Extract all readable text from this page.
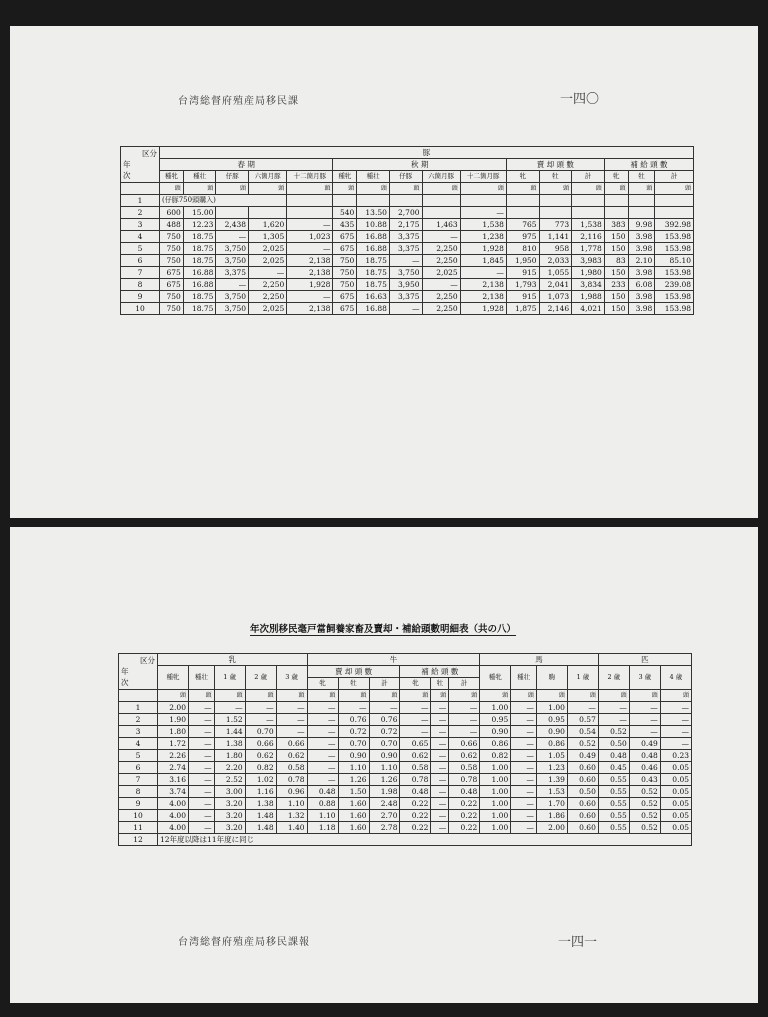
台湾総督府殖産局移民課	一四〇
区分
年
次	豚															
	春 期					秋 期					賣 却 頭 數			補 給 頭 數		
	種牝	種壮	仔豚	六箇月豚	十二箇月豚	種牝	種壮	仔豚	六箇月豚	十二箇月豚	牝	牡	計	牝	牡	計
	頭	頭	頭	頭	頭	頭	頭	頭	頭	頭	頭	頭	頭	頭	頭	頭
1	(仔豚750頭購入)															
2	600	15.00				540	13.50	2,700		—						
3	488	12.23	2,438	1,620	—	435	10.88	2,175	1,463	1,538	765	773	1,538	383	9.98	392.98
4	750	18.75	—	1,305	1,023	675	16.88	3,375	—	1,238	975	1,141	2,116	150	3.98	153.98
5	750	18.75	3,750	2,025	—	675	16.88	3,375	2,250	1,928	810	958	1,778	150	3.98	153.98
6	750	18.75	3,750	2,025	2,138	750	18.75	—	2,250	1,845	1,950	2,033	3,983	83	2.10	85.10
7	675	16.88	3,375	—	2,138	750	18.75	3,750	2,025	—	915	1,055	1,980	150	3.98	153.98
8	675	16.88	—	2,250	1,928	750	18.75	3,950	—	2,138	1,793	2,041	3,834	233	6.08	239.08
9	750	18.75	3,750	2,250	—	675	16.63	3,375	2,250	2,138	915	1,073	1,988	150	3.98	153.98
10	750	18.75	3,750	2,025	2,138	675	16.88	—	2,250	1,928	1,875	2,146	4,021	150	3.98	153.98
年次別移民毫戸當飼養家畜及賣却・補給頭數明細表（共の八）
区分
年
次	乳					牛						馬				匹		
	種牝	種壮	1 歳	2 歳	3 歳	賣 却 頭 數			補 給 頭 數			種牝	種壮	駒	1 歳	2 歳	3 歳	4 歳
						牝	牡	計	牝	牡	計							
	頭	頭	頭	頭	頭	頭	頭	頭	頭	頭	頭	頭	頭	頭	頭	頭	頭	頭
1	2.00	—	—	—	—	—	—	—	—	—	—	1.00	—	1.00	—	—	—	—
2	1.90	—	1.52	—	—	—	0.76	0.76	—	—	—	0.95	—	0.95	0.57	—	—	—
3	1.80	—	1.44	0.70	—	—	0.72	0.72	—	—	—	0.90	—	0.90	0.54	0.52	—	—
4	1.72	—	1.38	0.66	0.66	—	0.70	0.70	0.65	—	0.66	0.86	—	0.86	0.52	0.50	0.49	—
5	2.26	—	1.80	0.62	0.62	—	0.90	0.90	0.62	—	0.62	0.82	—	1.05	0.49	0.48	0.48	0.23
6	2.74	—	2.20	0.82	0.58	—	1.10	1.10	0.58	—	0.58	1.00	—	1.23	0.60	0.45	0.46	0.05
7	3.16	—	2.52	1.02	0.78	—	1.26	1.26	0.78	—	0.78	1.00	—	1.39	0.60	0.55	0.43	0.05
8	3.74	—	3.00	1.16	0.96	0.48	1.50	1.98	0.48	—	0.48	1.00	—	1.53	0.50	0.55	0.52	0.05
9	4.00	—	3.20	1.38	1.10	0.88	1.60	2.48	0.22	—	0.22	1.00	—	1.70	0.60	0.55	0.52	0.05
10	4.00	—	3.20	1.48	1.32	1.10	1.60	2.70	0.22	—	0.22	1.00	—	1.86	0.60	0.55	0.52	0.05
11	4.00	—	3.20	1.48	1.40	1.18	1.60	2.78	0.22	—	0.22	1.00	—	2.00	0.60	0.55	0.52	0.05
12	12年度以降は11年度に同じ																	
一四一
台湾総督府殖産局移民課報
